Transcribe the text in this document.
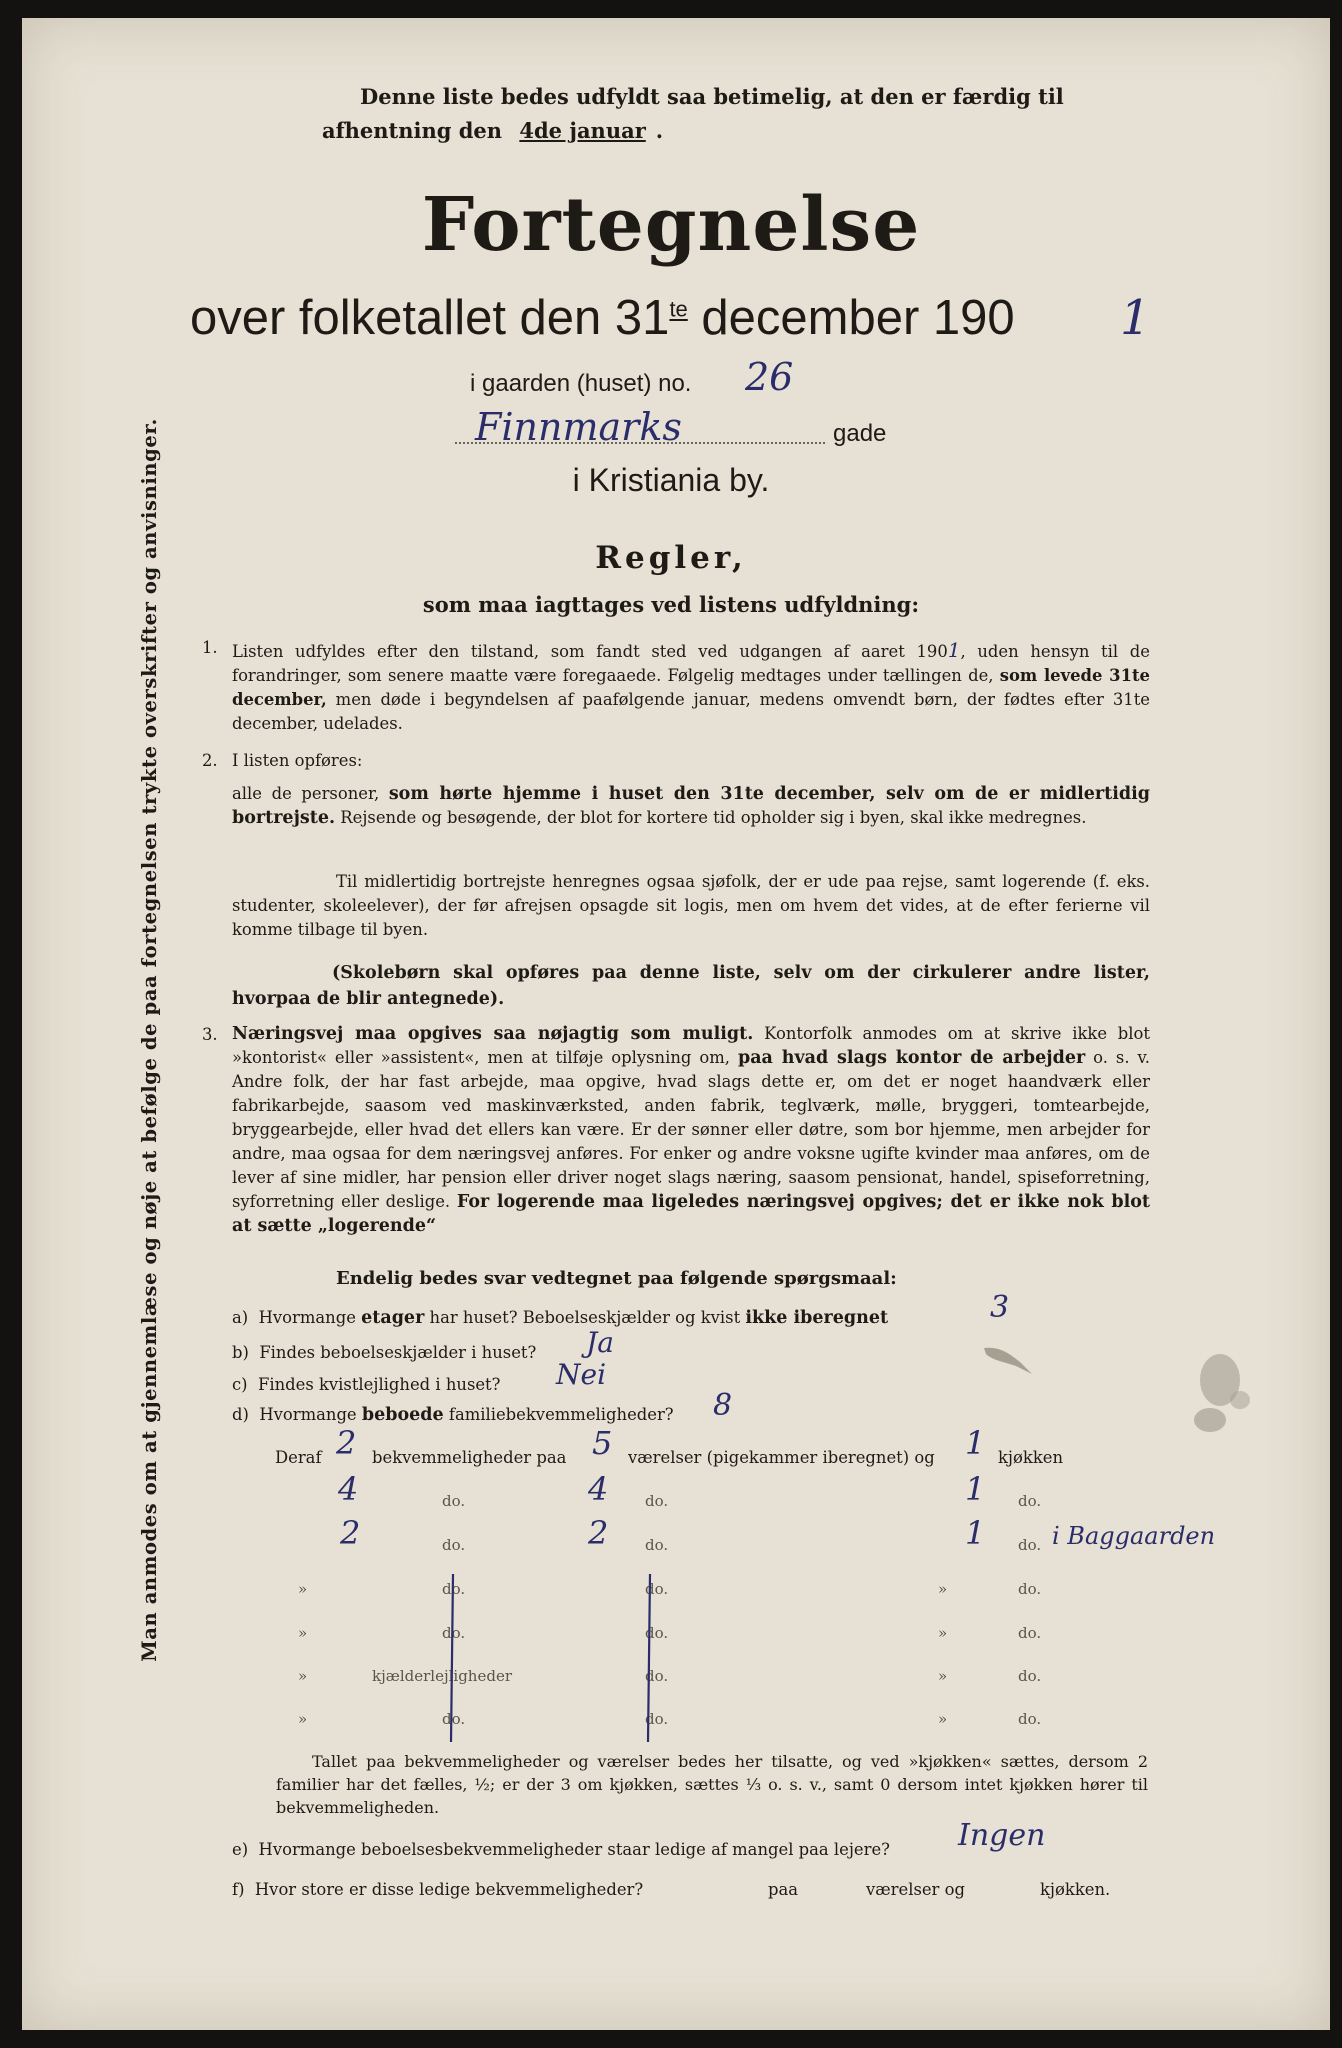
Man anmodes om at gjennemlæse og nøje at befølge de paa fortegnelsen trykte overskrifter og anvisninger.
Denne liste bedes udfyldt saa betimelig, at den er færdig til
afhentning den 4de januar .
Fortegnelse
over folketallet den $31^{te}$ december 190 1
i gaarden (huset) no. 26
Finnmarks	gade
i Kristiania by.
Regler,
som maa iagttages ved listens udfyldning:
1. Listen udfyldes efter den tilstand, som fandt sted ved udgangen af aaret 1901, uden hensyn til de forandringer, som senere maatte være foregaaede. Følgelig medtages under tællingen de, som levede 31te december, men døde i begyndelsen af paafølgende januar, medens omvendt børn, der fødtes efter 31te december, udelades.

2. I listen opføres:

alle de personer, som hørte hjemme i huset den 31te december, selv om de er midlertidig bortrejste. Rejsende og besøgende, der blot for kortere tid opholder sig i byen, skal ikke medregnes.

Til midlertidig bortrejste henregnes ogsaa sjøfolk, der er ude paa rejse, samt logerende (f. eks. studenter, skoleelever), der før afrejsen opsagde sit logis, men om hvem det vides, at de efter ferierne vil komme tilbage til byen.

(Skolebørn skal opføres paa denne liste, selv om der cirkulerer andre lister, hvorpaa de blir antegnede).

3. Næringsvej maa opgives saa nøjagtig som muligt. Kontorfolk anmodes om at skrive ikke blot »kontorist« eller »assistent«, men at tilføje oplysning om, paa hvad slags kontor de arbejder o. s. v. Andre folk, der har fast arbejde, maa opgive, hvad slags dette er, om det er noget haandværk eller fabrikarbejde, saasom ved maskinværksted, anden fabrik, teglværk, mølle, bryggeri, tomtearbejde, bryggearbejde, eller hvad det ellers kan være. Er der sønner eller døtre, som bor hjemme, men arbejder for andre, maa ogsaa for dem næringsvej anføres. For enker og andre voksne ugifte kvinder maa anføres, om de lever af sine midler, har pension eller driver noget slags næring, saasom pensionat, handel, spiseforretning, syforretning eller deslige. For logerende maa ligeledes næringsvej opgives; det er ikke nok blot at sætte „logerende“

Endelig bedes svar vedtegnet paa følgende spørgsmaal:
a) Hvormange etager har huset? Beboelseskjælder og kvist ikke iberegnet	3
b) Findes beboelseskjælder i huset? Ja
c) Findes kvistlejlighed i huset? Nei
d) Hvormange beboede familiebekvemmeligheder? 8
Deraf	bekvemmeligheder paa	værelser (pigekammer iberegnet) og	kjøkken
2	5	1
4	do.	4 do.	1 do.
2	do.	2 do.	1 do. i Baggaarden
»	do.	do.	»	do.
»	do.	do.	»	do.
»	kjælderlejligheder	do.	»	do.
»	do.	do.	»	do.

Tallet paa bekvemmeligheder og værelser bedes her tilsatte, og ved »kjøkken« sættes, dersom 2 familier har det fælles, ½; er der 3 om kjøkken, sættes ⅓ o. s. v., samt 0 dersom intet kjøkken hører til bekvemmeligheden.

e) Hvormange beboelsesbekvemmeligheder staar ledige af mangel paa lejere? Ingen
f) Hvor store er disse ledige bekvemmeligheder?	paa	værelser og	kjøkken.
